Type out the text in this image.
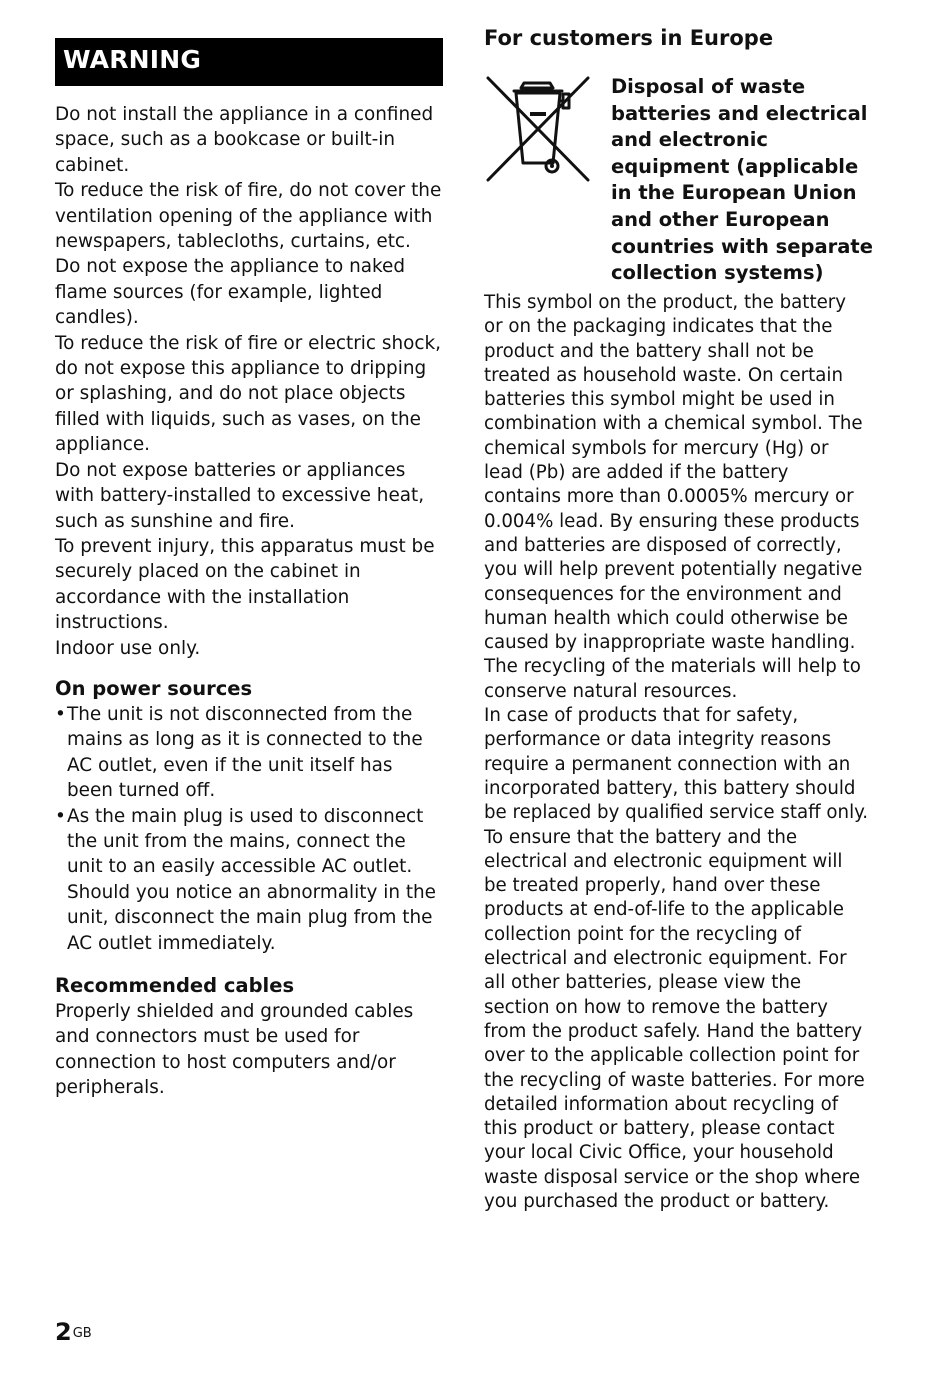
WARNING

Do not install the appliance in a confined space, such as a bookcase or built-in cabinet.

To reduce the risk of fire, do not cover the ventilation opening of the appliance with newspapers, tablecloths, curtains, etc.

Do not expose the appliance to naked flame sources (for example, lighted candles).

To reduce the risk of fire or electric shock, do not expose this appliance to dripping or splashing, and do not place objects filled with liquids, such as vases, on the appliance.

Do not expose batteries or appliances with battery-installed to excessive heat, such as sunshine and fire.

To prevent injury, this apparatus must be securely placed on the cabinet in accordance with the installation instructions.

Indoor use only.

On power sources
• The unit is not disconnected from the mains as long as it is connected to the AC outlet, even if the unit itself has been turned off.
• As the main plug is used to disconnect the unit from the mains, connect the unit to an easily accessible AC outlet. Should you notice an abnormality in the unit, disconnect the main plug from the AC outlet immediately.
Recommended cables
Properly shielded and grounded cables and connectors must be used for connection to host computers and/or peripherals.
For customers in Europe
Disposal of waste batteries and electrical and electronic equipment (applicable in the European Union and other European countries with separate collection systems)

This symbol on the product, the battery or on the packaging indicates that the product and the battery shall not be treated as household waste. On certain batteries this symbol might be used in combination with a chemical symbol. The chemical symbols for mercury (Hg) or lead (Pb) are added if the battery contains more than 0.0005% mercury or 0.004% lead. By ensuring these products and batteries are disposed of correctly, you will help prevent potentially negative consequences for the environment and human health which could otherwise be caused by inappropriate waste handling. The recycling of the materials will help to conserve natural resources.

In case of products that for safety, performance or data integrity reasons require a permanent connection with an incorporated battery, this battery should be replaced by qualified service staff only. To ensure that the battery and the electrical and electronic equipment will be treated properly, hand over these products at end-of-life to the applicable collection point for the recycling of electrical and electronic equipment. For all other batteries, please view the section on how to remove the battery from the product safely. Hand the battery over to the applicable collection point for the recycling of waste batteries. For more detailed information about recycling of this product or battery, please contact your local Civic Office, your household waste disposal service or the shop where you purchased the product or battery.

$2^{GB}$
